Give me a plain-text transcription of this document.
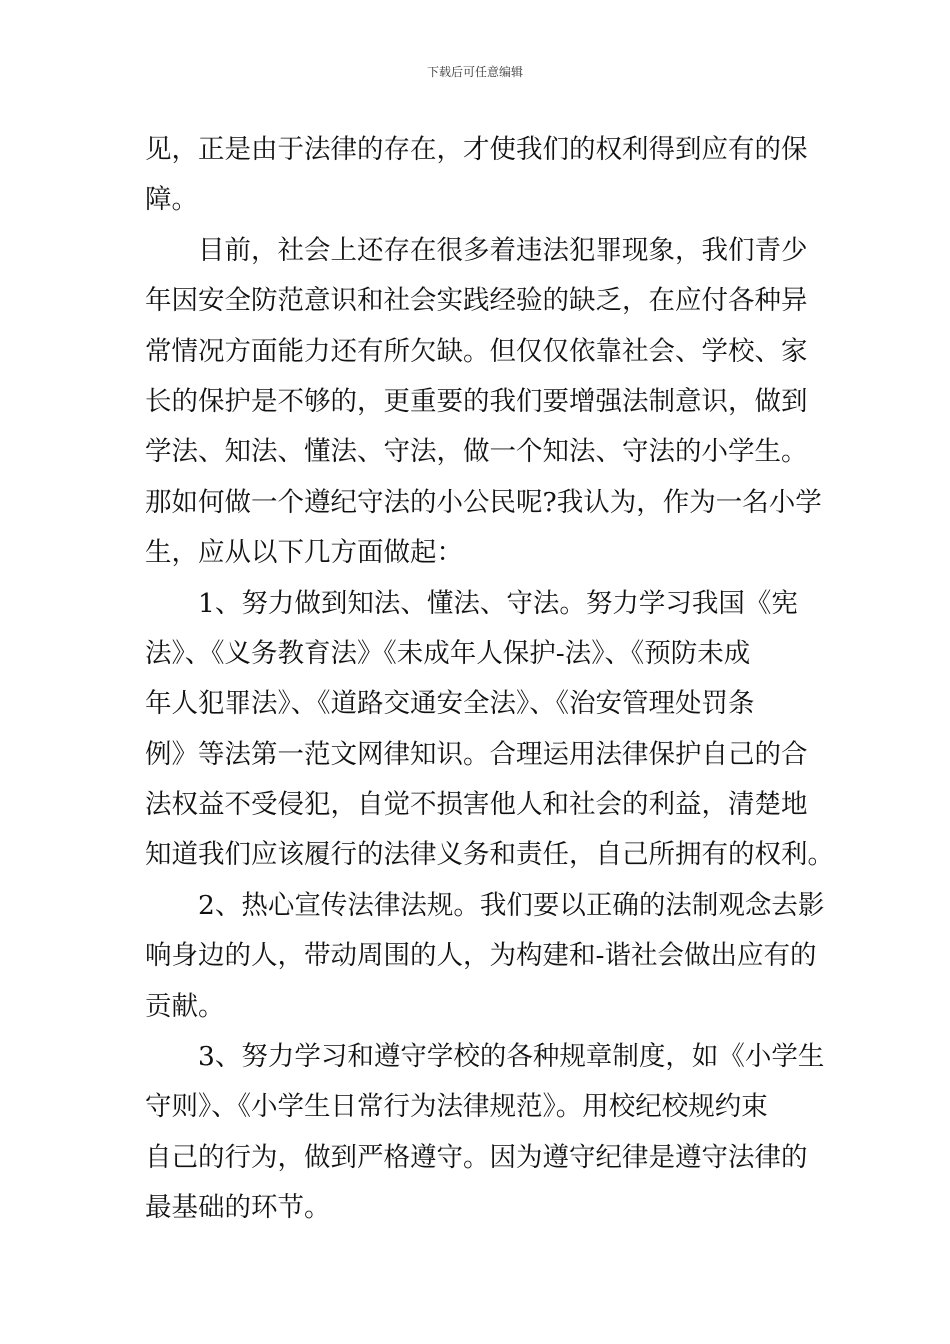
下载后可任意编辑
见，正是由于法律的存在，才使我们的权利得到应有的保
障。
目前，社会上还存在很多着违法犯罪现象，我们青少
年因安全防范意识和社会实践经验的缺乏，在应付各种异
常情况方面能力还有所欠缺。但仅仅依靠社会、学校、家
长的保护是不够的，更重要的我们要增强法制意识，做到
学法、知法、懂法、守法，做一个知法、守法的小学生。
那如何做一个遵纪守法的小公民呢?我认为，作为一名小学
生，应从以下几方面做起：
1、努力做到知法、懂法、守法。努力学习我国《宪
法》、《义务教育法》《未成年人保护-法》、《预防未成
年人犯罪法》、《道路交通安全法》、《治安管理处罚条
例》等法第一范文网律知识。合理运用法律保护自己的合
法权益不受侵犯，自觉不损害他人和社会的利益，清楚地
知道我们应该履行的法律义务和责任，自己所拥有的权利。
2、热心宣传法律法规。我们要以正确的法制观念去影
响身边的人，带动周围的人，为构建和-谐社会做出应有的
贡献。
3、努力学习和遵守学校的各种规章制度，如《小学生
守则》、《小学生日常行为法律规范》。用校纪校规约束
自己的行为，做到严格遵守。因为遵守纪律是遵守法律的
最基础的环节。
